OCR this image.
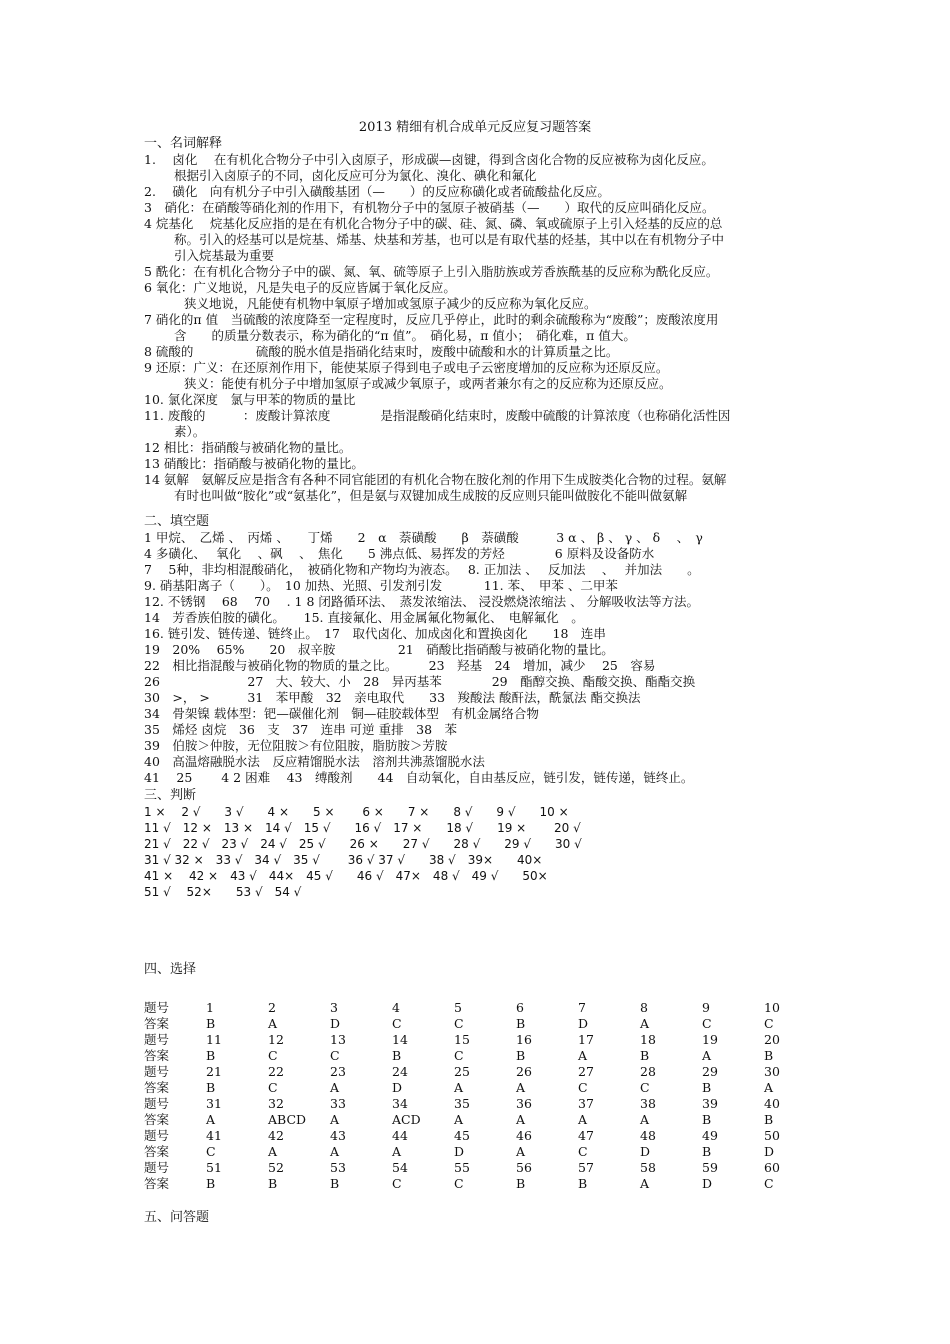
2013 精细有机合成单元反应复习题答案
一、名词解释
1.　 卤化　 在有机化合物分子中引入卤原子，形成碳—卤键，得到含卤化合物的反应被称为卤化反应。
根据引入卤原子的不同，卤化反应可分为氯化、溴化、碘化和氟化
2.　 磺化　向有机分子中引入磺酸基团（—　　）的反应称磺化或者硫酸盐化反应。
3　硝化：在硝酸等硝化剂的作用下，有机物分子中的氢原子被硝基（—　　）取代的反应叫硝化反应。
4 烷基化　 烷基化反应指的是在有机化合物分子中的碳、硅、氮、磷、氧或硫原子上引入烃基的反应的总
称。引入的烃基可以是烷基、烯基、炔基和芳基，也可以是有取代基的烃基，其中以在有机物分子中
引入烷基最为重要
5 酰化：在有机化合物分子中的碳、氮、氧、硫等原子上引入脂肪族或芳香族酰基的反应称为酰化反应。
6 氧化：广义地说，凡是失电子的反应皆属于氧化反应。
狭义地说，凡能使有机物中氧原子增加或氢原子减少的反应称为氧化反应。
7 硝化的π 值　当硫酸的浓度降至一定程度时，反应几乎停止，此时的剩余硫酸称为“废酸”；废酸浓度用
含　　的质量分数表示，称为硝化的“π 值”。　硝化易，π 值小；　硝化难，π 值大。
8 硫酸的　　　　　硫酸的脱水值是指硝化结束时，废酸中硫酸和水的计算质量之比。
9 还原：广义：在还原剂作用下，能使某原子得到电子或电子云密度增加的反应称为还原反应。
狭义：能使有机分子中增加氢原子或减少氧原子，或两者兼尔有之的反应称为还原反应。
10. 氯化深度　氯与甲苯的物质的量比
11. 废酸的　　　：废酸计算浓度　　　　是指混酸硝化结束时，废酸中硫酸的计算浓度（也称硝化活性因
素）。
12 相比：指硝酸与被硝化物的量比。
13 硝酸比：指硝酸与被硝化物的量比。
14 氨解　氨解反应是指含有各种不同官能团的有机化合物在胺化剂的作用下生成胺类化合物的过程。氨解
有时也叫做“胺化”或“氨基化”，但是氨与双键加成生成胺的反应则只能叫做胺化不能叫做氨解
二、填空题
1 甲烷、　乙烯 、　丙烯 、　　丁烯　　2　α　萘磺酸　　β　萘磺酸　　　3 α 、 β 、 γ 、 δ　 、　γ
4 多磺化、　 氧化　 、砜　 、　焦化　　5 沸点低、易挥发的芳烃　　　　6 原料及设备防水
7　 5种，非均相混酸硝化，　被硝化物和产物均为液态。　 8. 正加法 、　 反加法　 、　 并加法　　。
9. 硝基阳离子（　　）。　10 加热、光照、引发剂引发　　　 11. 苯、　甲苯 、二甲苯
12. 不锈钢　 68　 70　 . 1 8 闭路循环法、　蒸发浓缩法、 浸没燃烧浓缩法 、 分解吸收法等方法。
14　芳香族伯胺的磺化。　　15. 直接氟化、用金属氟化物氟化、　电解氟化　。
16. 链引发、链传递、链终止。　17　取代卤化、加成卤化和置换卤化　　18　连串
19　20%　 65%　　20　叔辛胺　　　　　21　硝酸比指硝酸与被硝化物的量比。
22　相比指混酸与被硝化物的物质的量之比。　　　23　羟基　24　增加，减少　 25　容易
26　　　　　　　27　大、较大、小　28　异丙基苯　　　　29　酯醇交换、酯酸交换、酯酯交换
30　>， >　　　31　苯甲酸　32　亲电取代　　33　羧酸法 酸酐法，酰氯法 酯交换法
34　骨架镍 载体型：钯—碳催化剂　铜—硅胶载体型　有机金属络合物
35　烯烃 卤烷　36　支　37　连串 可逆 重排　38　苯
39　伯胺＞仲胺，无位阻胺＞有位阻胺，脂肪胺＞芳胺
40　高温熔融脱水法　反应精馏脱水法　溶剂共沸蒸馏脱水法
41　 25　　 4 2 困难　 43　缚酸剂　　44　自动氧化，自由基反应，链引发，链传递，链终止。
三、判断
1 ×　 2 √　　3 √　　4 ×　　5 ×　　 6 ×　　7 ×　　8 √　　9 √　　10 ×
11 √　12 ×　13 ×　14 √　15 √　　16 √　17 ×　　18 √　　19 ×　　 20 √
21 √　22 √　23 √　24 √　25 √　　26 ×　　27 √　　28 √　　29 √　　30 √
31 √ 32 ×　33 √　34 √　35 √　　 36 √ 37 √　　38 √　39×　　40×
41 ×　 42 ×　43 √　44×　45 √　　46 √　47×　48 √　49 √　　50×
51 √　 52×　　53 √　54 √
四、选择
题号	1	2	3	4	5	6	7	8	9	10
答案	B	A	D	C	C	B	D	A	C	C
题号	11	12	13	14	15	16	17	18	19	20
答案	B	C	C	B	C	B	A	B	A	B
题号	21	22	23	24	25	26	27	28	29	30
答案	B	C	A	D	A	A	C	C	B	A
题号	31	32	33	34	35	36	37	38	39	40
答案	A	ABCD	A	ACD	A	A	A	A	B	B
题号	41	42	43	44	45	46	47	48	49	50
答案	C	A	A	A	D	A	C	D	B	D
题号	51	52	53	54	55	56	57	58	59	60
答案	B	B	B	C	C	B	B	A	D	C
五、问答题
